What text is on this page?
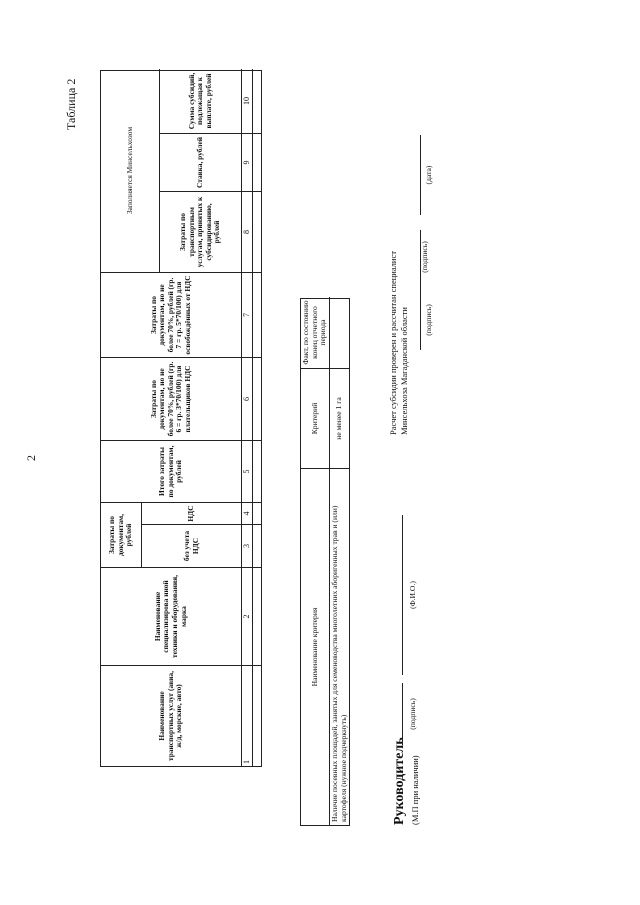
2
Таблица 2
Наименование транспортных услуг (авиа, ж/д, морские, авто)
Наименование специализирова нной техники и оборудования, марка
Затраты по документам, рублей	без учета НДС
НДС
Итого затраты по документам, рублей
Затраты по документам, но не более 70%, рублей (гр. 6 = гр. 3*70/100) для плательщиков НДС
Затраты по документам, но не более 70%, рублей (гр. 7 = гр. 5*70/100) для освобождённых от НДС
Заполняется Минсельхозом
Затраты по транспортным услугам, принятых к субсидированию, рублей
Ставка, рублей
Сумма субсидий, подлежащая к выплате, рублей
1
2
3
4
5
6
7
8
9
10
Наименование критерия
Критерий
Факт, по состоянию конец отчетного периода
Наличие посевных площадей, занятых для семеноводства многолетних аборигенных трав и (или) картофеля (нужное подчеркнуть)
не менее 1 га
Руководитель (М.П при наличии)
(подпись)
(Ф.И.О.)
Расчет субсидии проверен и рассчитан специалист Минсельхоза Магаданской области (подпись)
(подпись)
(дата)
